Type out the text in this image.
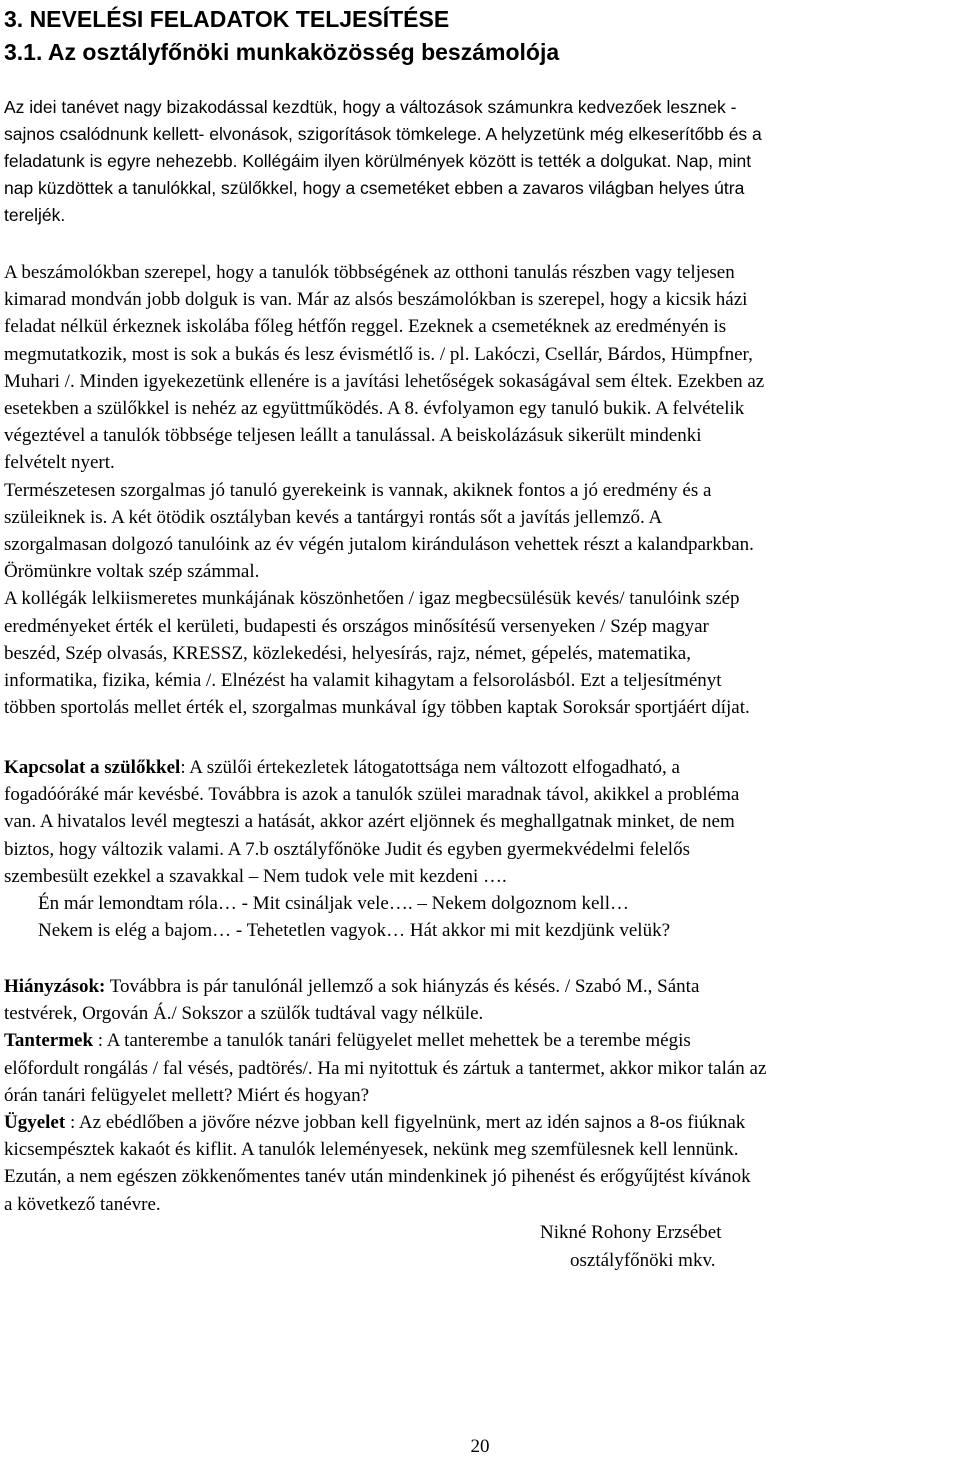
3. NEVELÉSI FELADATOK TELJESÍTÉSE
3.1. Az osztályfőnöki munkaközösség beszámolója

Az idei tanévet nagy bizakodással kezdtük, hogy a változások számunkra kedvezőek lesznek -
sajnos csalódnunk kellett- elvonások, szigorítások tömkelege. A helyzetünk még elkeserítőbb és a
feladatunk is egyre nehezebb. Kollégáim ilyen körülmények között is tették a dolgukat. Nap, mint
nap küzdöttek a tanulókkal, szülőkkel, hogy a csemetéket ebben a zavaros világban helyes útra
tereljék.

A beszámolókban szerepel, hogy a tanulók többségének az otthoni tanulás részben vagy teljesen
kimarad mondván jobb dolguk is van. Már az alsós beszámolókban is szerepel, hogy a kicsik házi
feladat nélkül érkeznek iskolába főleg hétfőn reggel. Ezeknek a csemetéknek az eredményén is
megmutatkozik, most is sok a bukás és lesz évismétlő is. / pl. Lakóczi, Csellár, Bárdos, Hümpfner,
Muhari /. Minden igyekezetünk ellenére is a javítási lehetőségek sokaságával sem éltek. Ezekben az
esetekben a szülőkkel is nehéz az együttműködés. A 8. évfolyamon egy tanuló bukik. A felvételik
végeztével a tanulók többsége teljesen leállt a tanulással. A beiskolázásuk sikerült mindenki
felvételt nyert.
Természetesen szorgalmas jó tanuló gyerekeink is vannak, akiknek fontos a jó eredmény és a
szüleiknek is. A két ötödik osztályban kevés a tantárgyi rontás sőt a javítás jellemző. A
szorgalmasan dolgozó tanulóink az év végén jutalom kiránduláson vehettek részt a kalandparkban.
Örömünkre voltak szép számmal.
A kollégák lelkiismeretes munkájának köszönhetően / igaz megbecsülésük kevés/ tanulóink szép
eredményeket érték el kerületi, budapesti és országos minősítésű versenyeken / Szép magyar
beszéd, Szép olvasás, KRESSZ, közlekedési, helyesírás, rajz, német, gépelés, matematika,
informatika, fizika, kémia /. Elnézést ha valamit kihagytam a felsorolásból. Ezt a teljesítményt
többen sportolás mellet érték el, szorgalmas munkával így többen kaptak Soroksár sportjáért díjat.

Kapcsolat a szülőkkel: A szülői értekezletek látogatottsága nem változott elfogadható, a
fogadóóráké már kevésbé. Továbbra is azok a tanulók szülei maradnak távol, akikkel a probléma
van. A hivatalos levél megteszi a hatását, akkor azért eljönnek és meghallgatnak minket, de nem
biztos, hogy változik valami. A 7.b osztályfőnöke Judit és egyben gyermekvédelmi felelős
szembesült ezekkel a szavakkal – Nem tudok vele mit kezdeni ….
Én már lemondtam róla… - Mit csináljak vele…. – Nekem dolgoznom kell…
Nekem is elég a bajom… - Tehetetlen vagyok… Hát akkor mi mit kezdjünk velük?

Hiányzások: Továbbra is pár tanulónál jellemző a sok hiányzás és késés. / Szabó M., Sánta
testvérek, Orgován Á./ Sokszor a szülők tudtával vagy nélküle.
Tantermek : A tanterembe a tanulók tanári felügyelet mellet mehettek be a terembe mégis
előfordult rongálás / fal vésés, padtörés/. Ha mi nyitottuk és zártuk a tantermet, akkor mikor talán az
órán tanári felügyelet mellett? Miért és hogyan?
Ügyelet : Az ebédlőben a jövőre nézve jobban kell figyelnünk, mert az idén sajnos a 8-os fiúknak
kicsempésztek kakaót és kiflit. A tanulók leleményesek, nekünk meg szemfülesnek kell lennünk.
Ezután, a nem egészen zökkenőmentes tanév után mindenkinek jó pihenést és erőgyűjtést kívánok
a következő tanévre.

Nikné Rohony Erzsébet
osztályfőnöki mkv.
20
